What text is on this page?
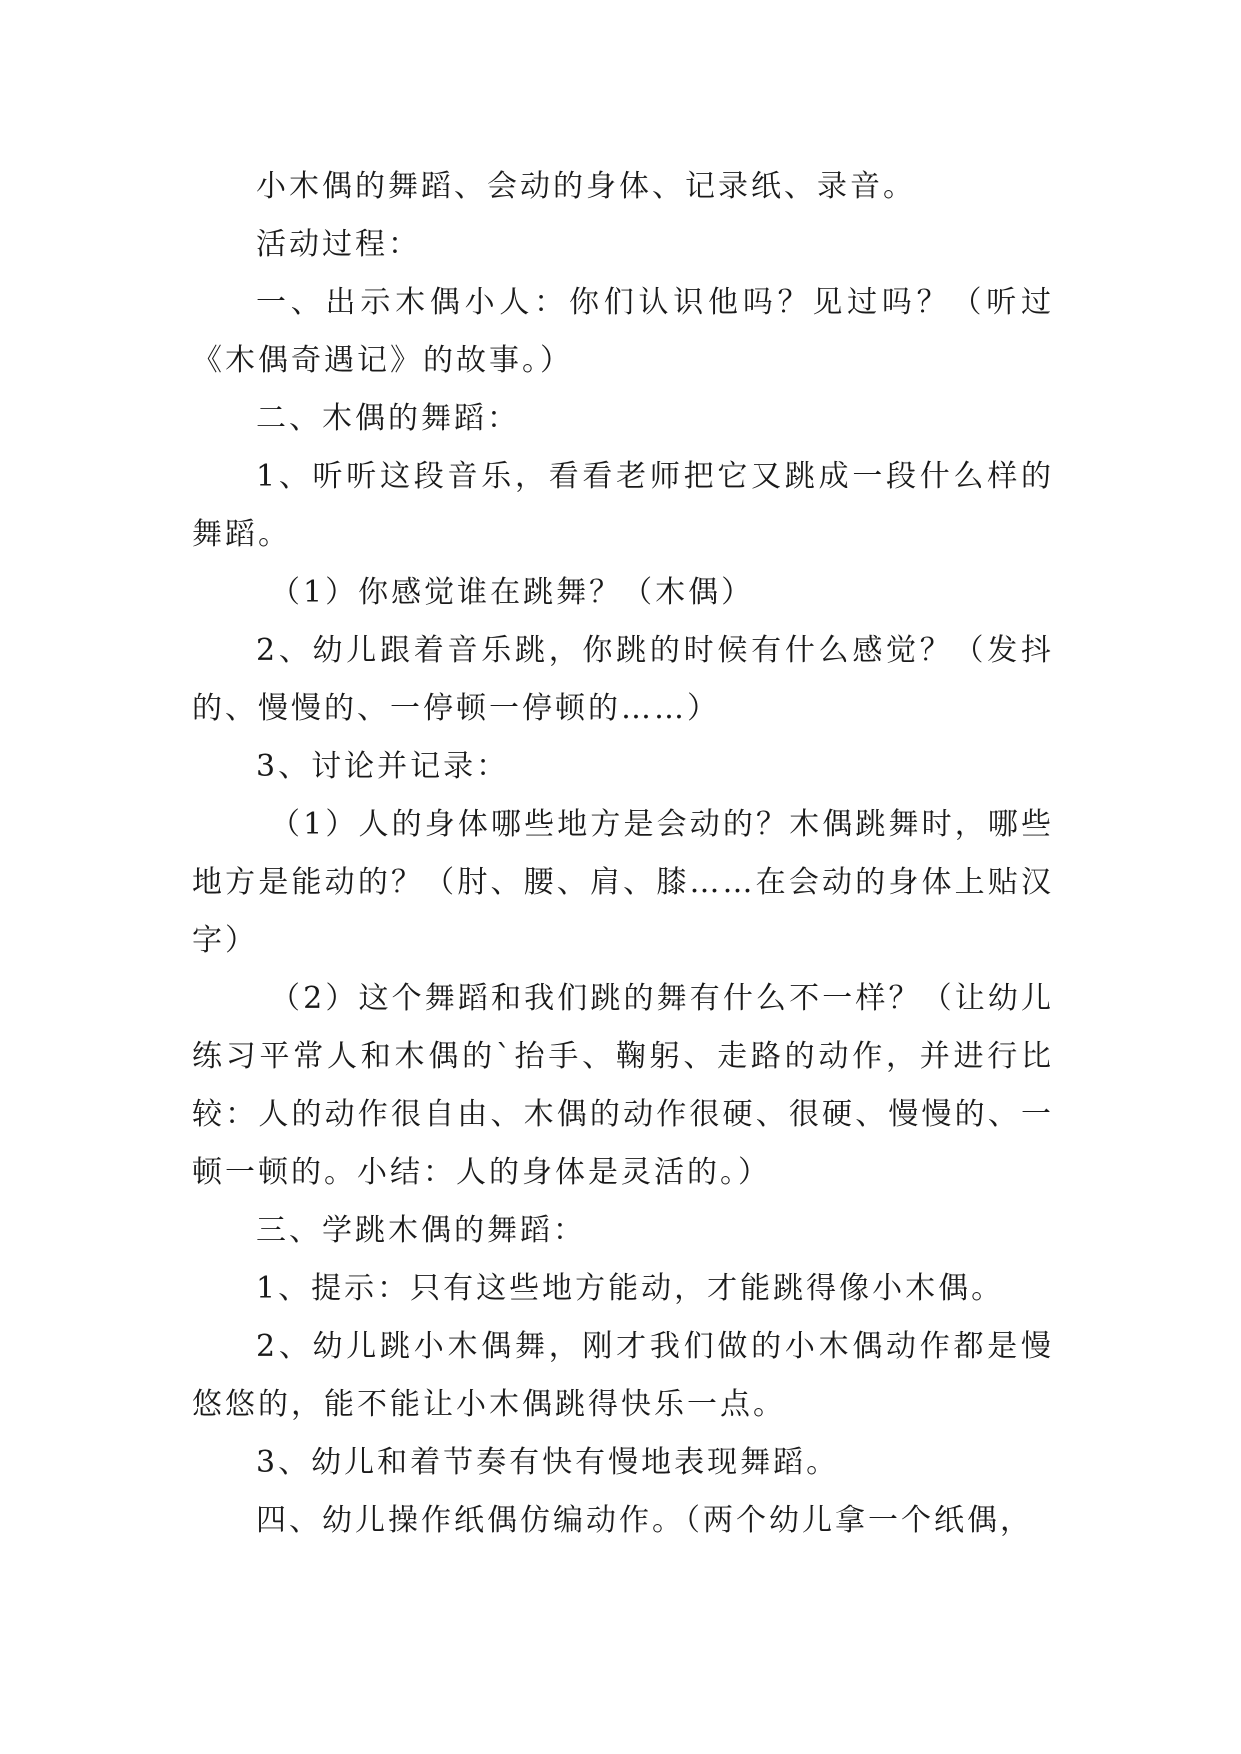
小木偶的舞蹈、会动的身体、记录纸、录音。

活动过程：

一、出示木偶小人：你们认识他吗？见过吗？（听过《木偶奇遇记》的故事。）

二、木偶的舞蹈：

1、听听这段音乐，看看老师把它又跳成一段什么样的舞蹈。

（1）你感觉谁在跳舞？（木偶）

2、幼儿跟着音乐跳，你跳的时候有什么感觉？（发抖的、慢慢的、一停顿一停顿的……）

3、讨论并记录：

（1）人的身体哪些地方是会动的？木偶跳舞时，哪些地方是能动的？（肘、腰、肩、膝……在会动的身体上贴汉字）

（2）这个舞蹈和我们跳的舞有什么不一样？（让幼儿练习平常人和木偶的`抬手、鞠躬、走路的动作，并进行比较：人的动作很自由、木偶的动作很硬、很硬、慢慢的、一顿一顿的。小结：人的身体是灵活的。）

三、学跳木偶的舞蹈：

1、提示：只有这些地方能动，才能跳得像小木偶。

2、幼儿跳小木偶舞，刚才我们做的小木偶动作都是慢悠悠的，能不能让小木偶跳得快乐一点。

3、幼儿和着节奏有快有慢地表现舞蹈。

四、幼儿操作纸偶仿编动作。（两个幼儿拿一个纸偶，
